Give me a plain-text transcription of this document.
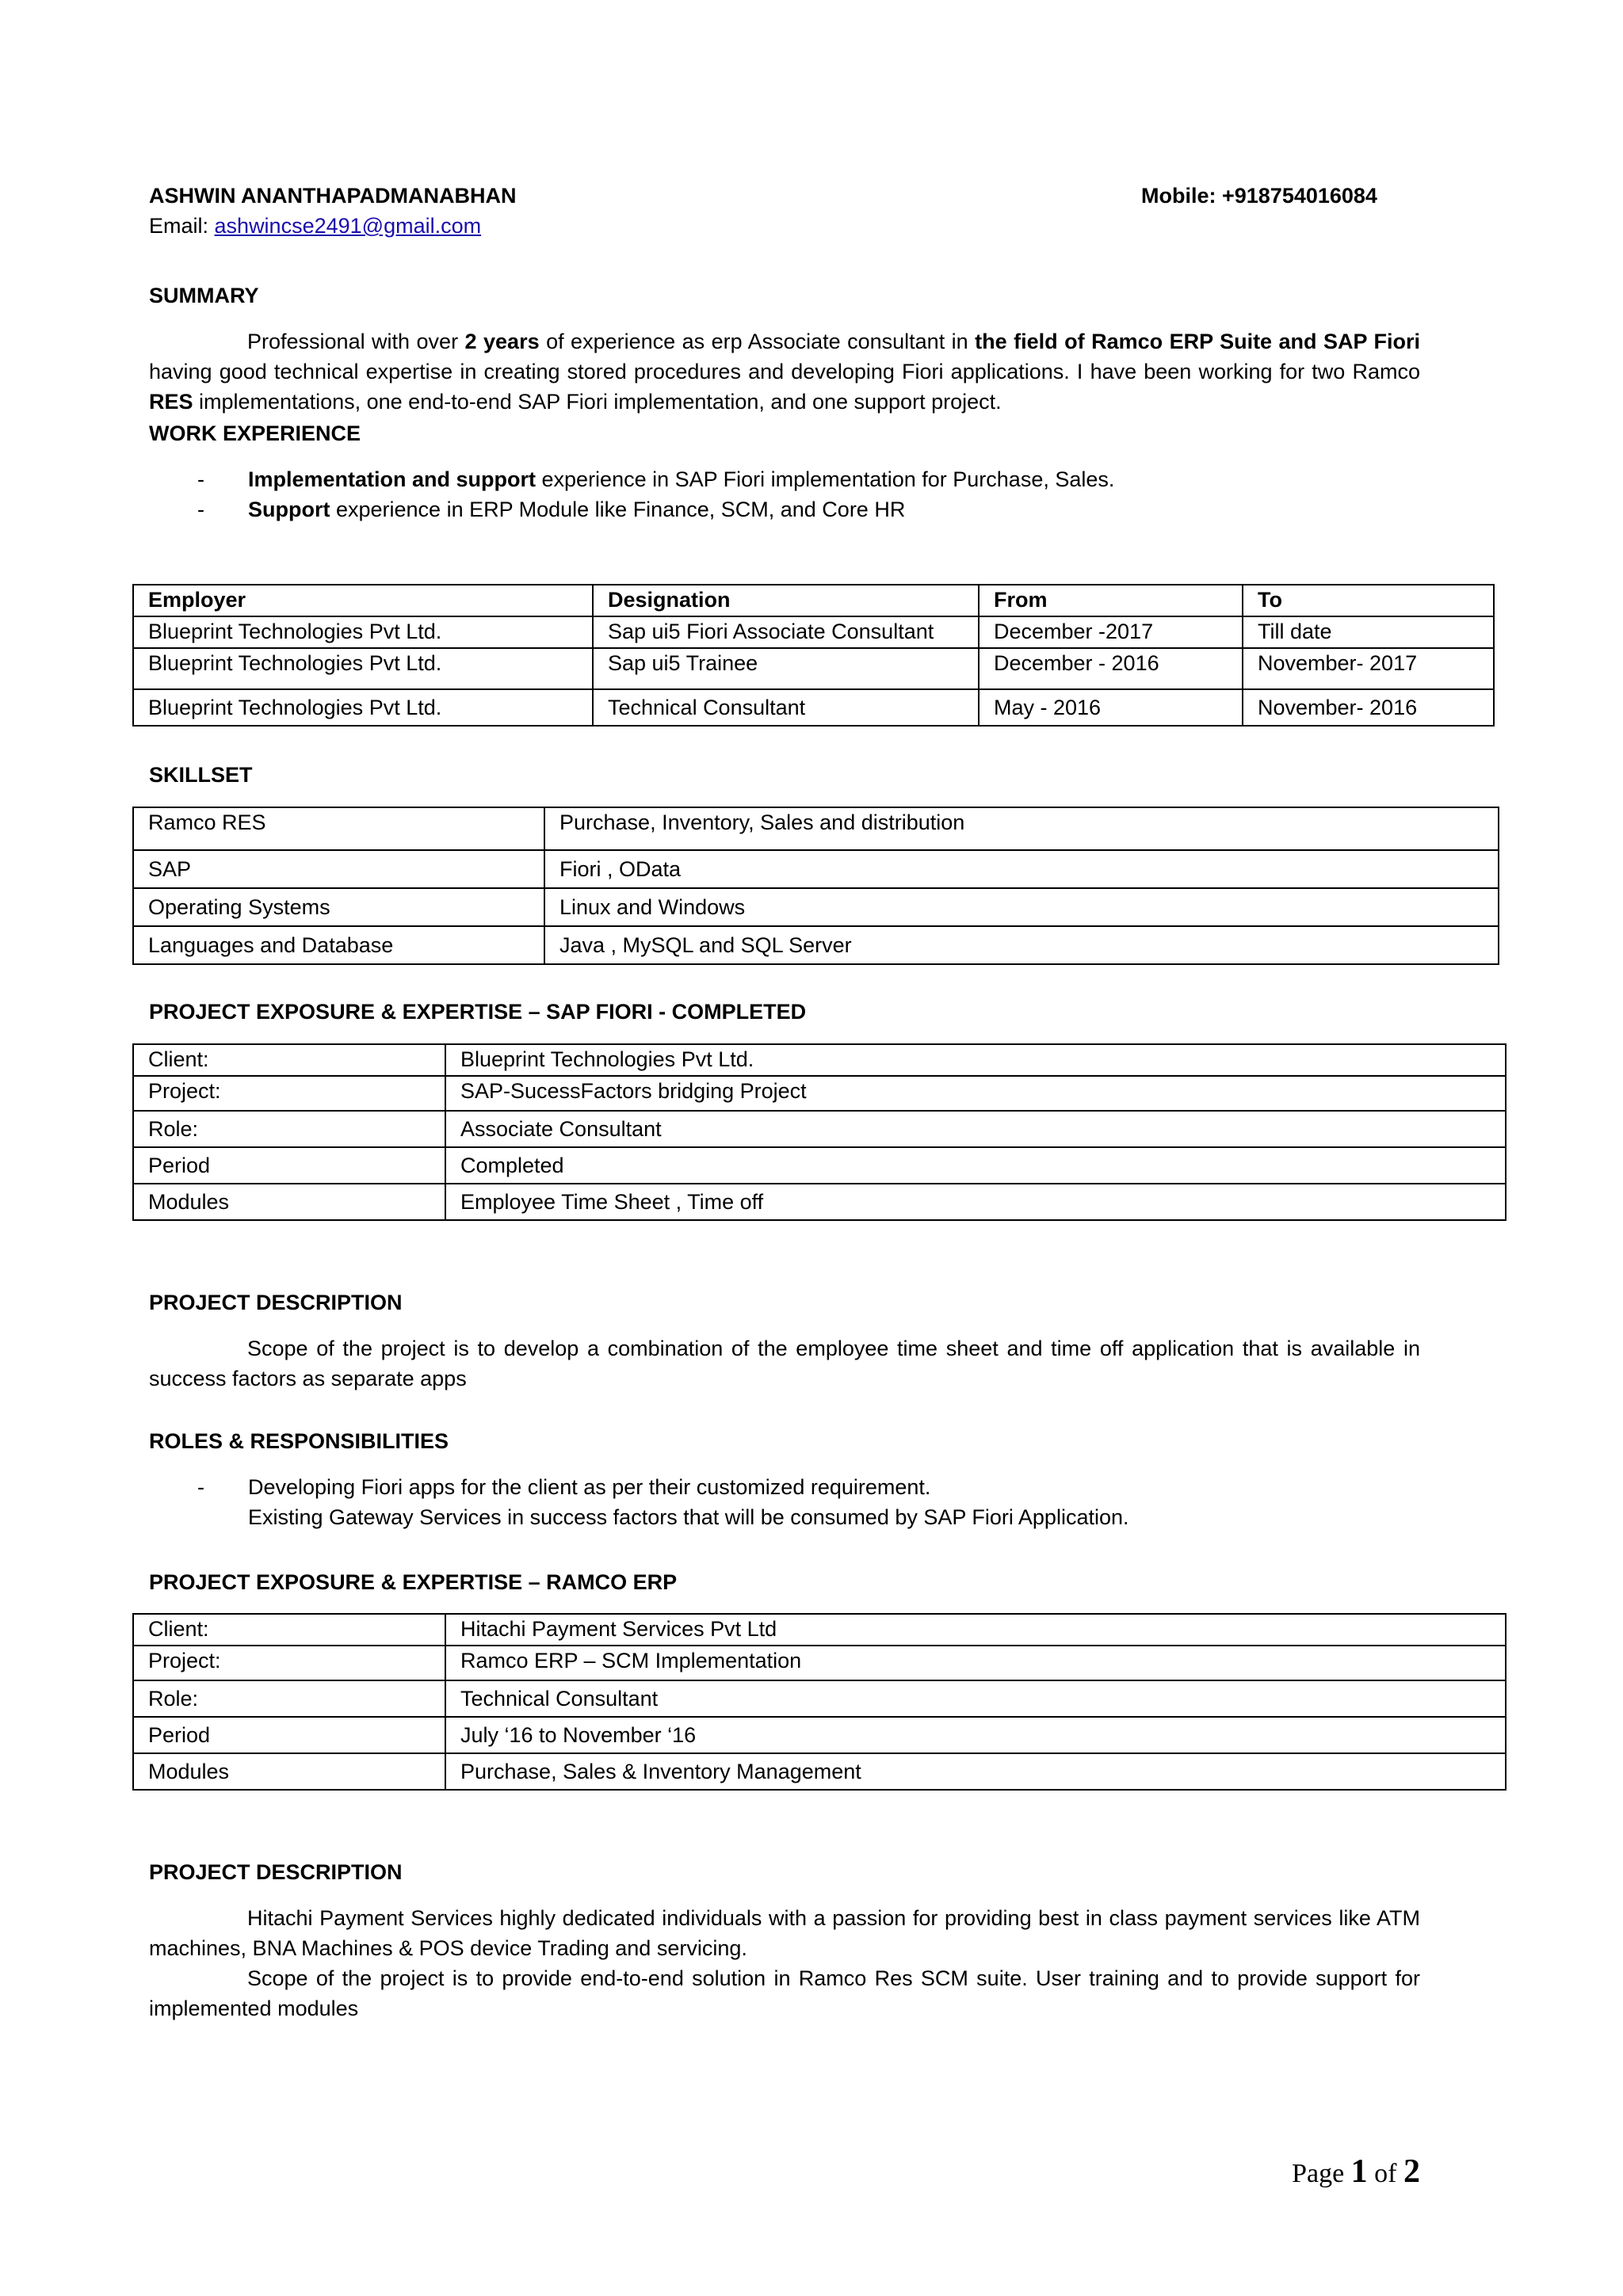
ASHWIN ANANTHAPADMANABHAN	Mobile: +918754016084
Email: ashwincse2491@gmail.com
SUMMARY
Professional with over 2 years of experience as erp Associate consultant in the field of Ramco ERP Suite and SAP Fiori having good technical expertise in creating stored procedures and developing Fiori applications. I have been working for two Ramco RES implementations, one end-to-end SAP Fiori implementation, and one support project.
WORK EXPERIENCE
- Implementation and support experience in SAP Fiori implementation for Purchase, Sales.
- Support experience in ERP Module like Finance, SCM, and Core HR
Employer	Designation	From	To
Blueprint Technologies Pvt Ltd.	Sap ui5 Fiori Associate Consultant	December -2017	Till date
Blueprint Technologies Pvt Ltd.	Sap ui5 Trainee	December - 2016	November- 2017
Blueprint Technologies Pvt Ltd.	Technical Consultant	May - 2016	November- 2016
SKILLSET
Ramco RES	Purchase, Inventory, Sales and distribution
SAP	Fiori , OData
Operating Systems	Linux and Windows
Languages and Database	Java , MySQL and SQL Server
PROJECT EXPOSURE & EXPERTISE – SAP FIORI - COMPLETED
Client:	Blueprint Technologies Pvt Ltd.
Project:	SAP-SucessFactors bridging Project
Role:	Associate Consultant
Period	Completed
Modules	Employee Time Sheet , Time off
PROJECT DESCRIPTION
Scope of the project is to develop a combination of the employee time sheet and time off application that is available in success factors as separate apps
ROLES & RESPONSIBILITIES
- Developing Fiori apps for the client as per their customized requirement.
Existing Gateway Services in success factors that will be consumed by SAP Fiori Application.
PROJECT EXPOSURE & EXPERTISE – RAMCO ERP
Client:	Hitachi Payment Services Pvt Ltd
Project:	Ramco ERP – SCM Implementation
Role:	Technical Consultant
Period	July ‘16 to November ‘16
Modules	Purchase, Sales & Inventory Management
PROJECT DESCRIPTION
Hitachi Payment Services highly dedicated individuals with a passion for providing best in class payment services like ATM machines, BNA Machines & POS device Trading and servicing.
Scope of the project is to provide end-to-end solution in Ramco Res SCM suite. User training and to provide support for implemented modules
Page 1 of 2
